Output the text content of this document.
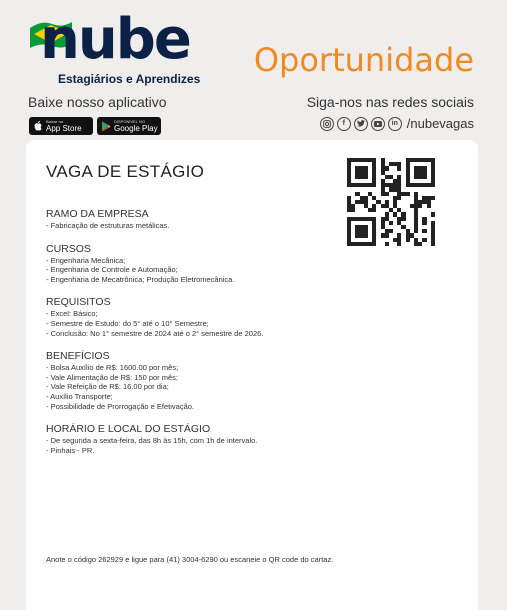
nube
Estagiários e Aprendizes Oportunidade
Baixe nosso aplicativo	Siga-nos nas redes sociais
Baixar na
App Store
DISPONÍVEL NO
Google Play
f	in /nubevagas
VAGA DE ESTÁGIO
RAMO DA EMPRESA
- Fabricação de estruturas metálicas.
CURSOS
- Engenharia Mecânica;
- Engenharia de Controle e Automação;
- Engenharia de Mecatrônica; Produção Eletromecânica.
REQUISITOS
- Excel: Básico;
- Semestre de Estudo: do 5° até o 10° Semestre;
- Conclusão: No 1° semestre de 2024 até o 2° semestre de 2026.
BENEFÍCIOS
- Bolsa Auxílio de R$: 1600.00 por mês;
- Vale Alimentação de R$: 150 por mês;
- Vale Refeição de R$: 16.00 por dia;
- Auxílio Transporte;
- Possibilidade de Prorrogação e Efetivação.
HORÁRIO E LOCAL DO ESTÁGIO
- De segunda a sexta-feira, das 8h às 15h, com 1h de intervalo.
- Pinhais - PR.
Anote o código 262929 e ligue para (41) 3004-6290 ou escaneie o QR code do cartaz.
